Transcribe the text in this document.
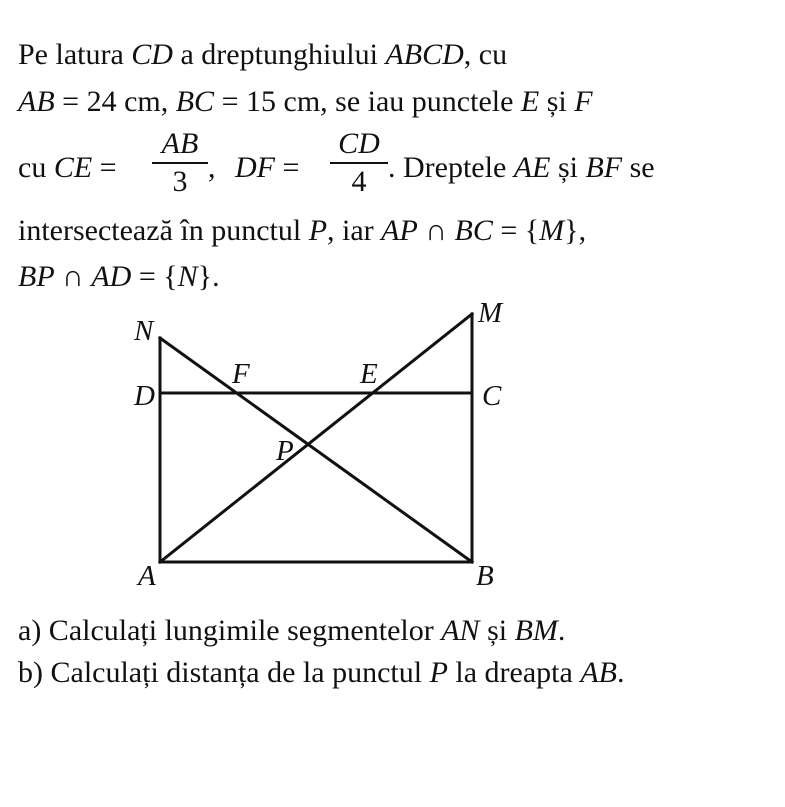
Pe latura CD a dreptunghiului ABCD, cu
AB = 24 cm, BC = 15 cm, se iau punctele E și F
cu CE =
AB
3 , DF =
CD
4 . Dreptele AE și BF se
intersectează în punctul P, iar AP ∩ BC = {M},
BP ∩ AD = {N}.
N
M
D	C
F	E
P
A	B
a) Calculați lungimile segmentelor AN și BM.
b) Calculați distanța de la punctul P la dreapta AB.
